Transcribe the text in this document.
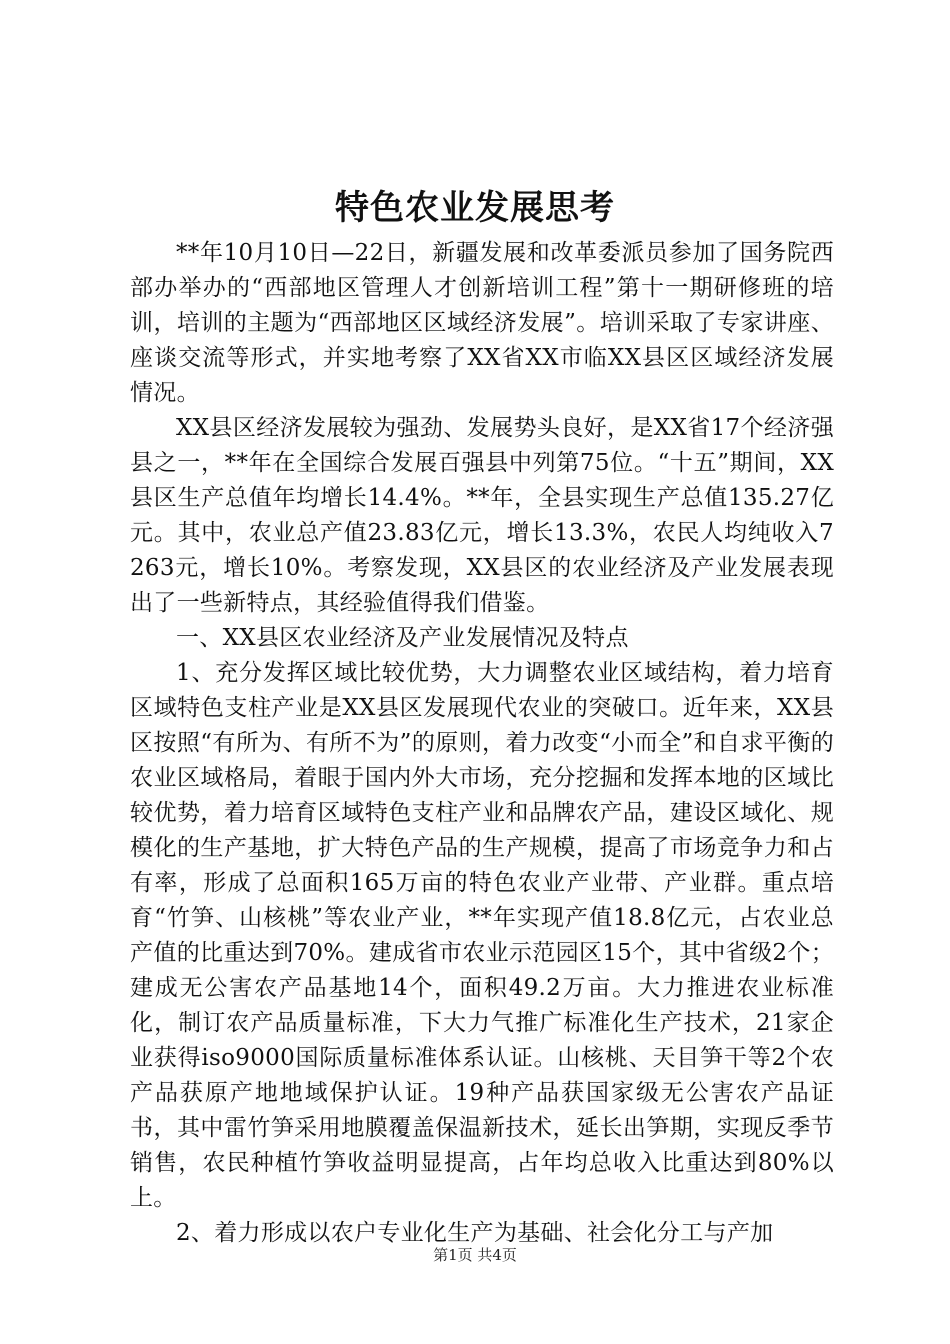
特色农业发展思考

**年10月10日—22日，新疆发展和改革委派员参加了国务院西部办举办的“西部地区管理人才创新培训工程”第十一期研修班的培训，培训的主题为“西部地区区域经济发展”。培训采取了专家讲座、座谈交流等形式，并实地考察了XX省XX市临XX县区区域经济发展情况。

XX县区经济发展较为强劲、发展势头良好，是XX省17个经济强县之一，**年在全国综合发展百强县中列第75位。“十五”期间，XX县区生产总值年均增长14.4%。**年，全县实现生产总值135.27亿元。其中，农业总产值23.83亿元，增长13.3%，农民人均纯收入7263元，增长10%。考察发现，XX县区的农业经济及产业发展表现出了一些新特点，其经验值得我们借鉴。

一、XX县区农业经济及产业发展情况及特点

1、充分发挥区域比较优势，大力调整农业区域结构，着力培育区域特色支柱产业是XX县区发展现代农业的突破口。近年来，XX县区按照“有所为、有所不为”的原则，着力改变“小而全”和自求平衡的农业区域格局，着眼于国内外大市场，充分挖掘和发挥本地的区域比较优势，着力培育区域特色支柱产业和品牌农产品，建设区域化、规模化的生产基地，扩大特色产品的生产规模，提高了市场竞争力和占有率，形成了总面积165万亩的特色农业产业带、产业群。重点培育“竹笋、山核桃”等农业产业，**年实现产值18.8亿元，占农业总产值的比重达到70%。建成省市农业示范园区15个，其中省级2个；建成无公害农产品基地14个，面积49.2万亩。大力推进农业标准化，制订农产品质量标准，下大力气推广标准化生产技术，21家企业获得iso9000国际质量标准体系认证。山核桃、天目笋干等2个农产品获原产地地域保护认证。19种产品获国家级无公害农产品证书，其中雷竹笋采用地膜覆盖保温新技术，延长出笋期，实现反季节销售，农民种植竹笋收益明显提高，占年均总收入比重达到80%以上。

2、着力形成以农户专业化生产为基础、社会化分工与产加

第1页 共4页
